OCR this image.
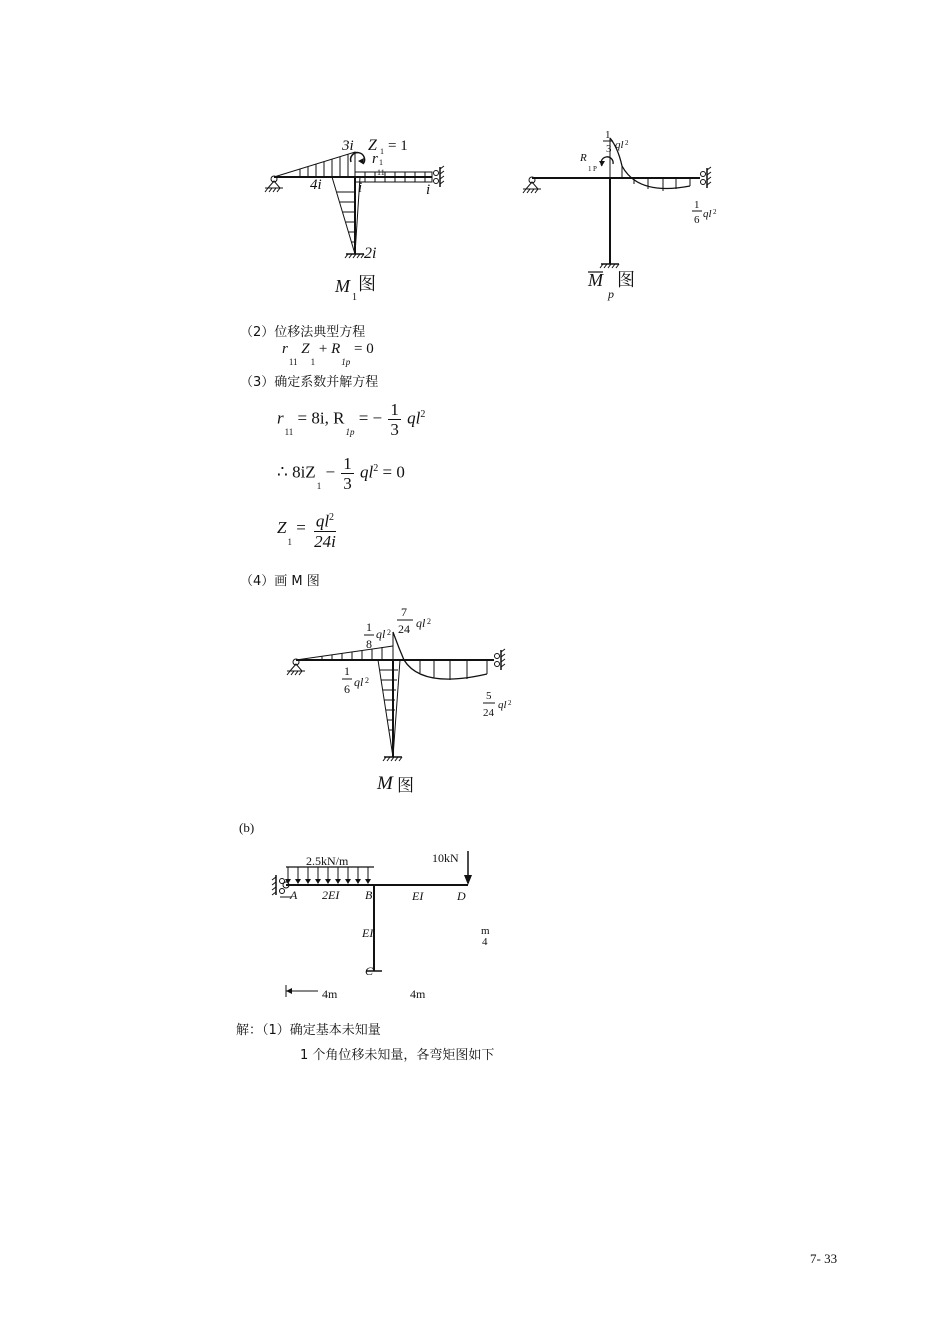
3i Z 1 = 1
r 1
11
4i i	i
2i
M
1
图
1
3 ql 2
R
1 P
1
6 ql 2
M
p
图
（2）位移法典型方程
$r_{11}$ $Z_1 + R_{1p} = 0$
（3）确定系数并解方程
$r_{11} = 8i$, $R_{1p}$ = − $\frac{1}{3} ql^2$
∴ $8iZ_1 - \frac{1}{3} ql^2 = 0$
$Z_1 = \frac{ql^2}{24i}$
（4）画 M 图
7
24 ql 2
1
8
ql 2
1
6 ql 2
5
24
ql 2
M 图
(b)
2.5kN/m	10kN
A 2EI B	EI	D
EI	m
4
C
4m	4m
解：（1）确定基本未知量
1 个角位移未知量，各弯矩图如下
7- 33
